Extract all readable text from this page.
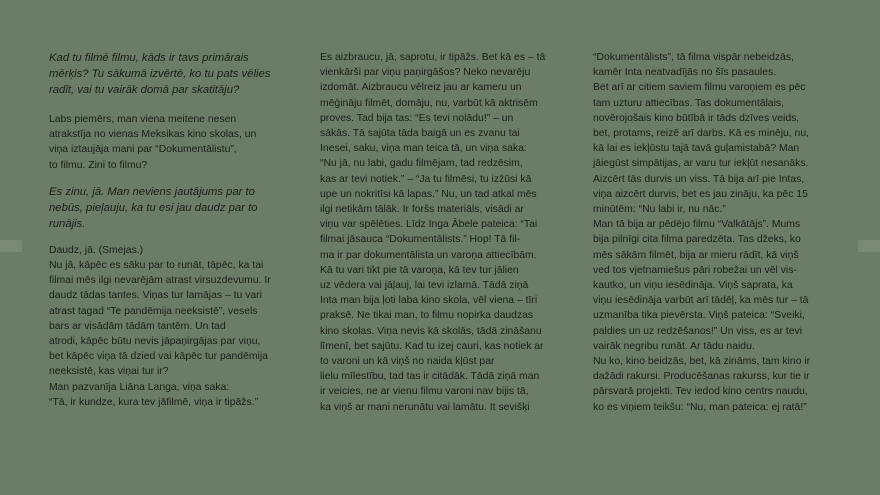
Kad tu filmē filmu, kāds ir tavs primārais
mērķis? Tu sākumā izvērtē, ko tu pats vēlies
radīt, vai tu vairāk domā par skatītāju?

Labs piemērs, man viena meitene nesen
atrakstīja no vienas Meksikas kino skolas, un
viņa iztaujāja mani par “Dokumentālistu”,
to filmu. Zini to filmu?

Es zinu, jā. Man neviens jautājums par to
nebūs, pieļauju, ka tu esi jau daudz par to
runājis.

Daudz, jā. (Smejas.)
Nu jā, kāpēc es sāku par to runāt, tāpēc, ka tai
filmai mēs ilgi nevarējām atrast virsuzdevumu. Ir
daudz tādas tantes. Viņas tur lamājas – tu vari
atrast tagad “Te pandēmija neeksistē”, vesels
bars ar visādām tādām tantēm. Un tad
atrodi, kāpēc būtu nevis jāpaņirgājas par viņu,
bet kāpēc viņa tā dzied vai kāpēc tur pandēmija
neeksistē, kas viņai tur ir?
Man pazvanīja Liāna Langa, viņa saka:
“Tā, ir kundze, kura tev jāfilmē, viņa ir tipāžs.”

Es aizbraucu, jā, saprotu, ir tipāžs. Bet kā es – tā
vienkārši par viņu paņirgāšos? Neko nevarēju
izdomāt. Aizbraucu vēlreiz jau ar kameru un
mēģināju filmēt, domāju, nu, varbūt kā aktrisēm
proves. Tad bija tas: “Es tevi nolādu!” – un
sākās. Tā sajūta tāda baigā un es zvanu tai
Inesei, saku, viņa man teica tā, un viņa saka:
“Nu jā, nu labi, gadu filmējam, tad redzēsim,
kas ar tevi notiek.” – “Ja tu filmēsi, tu izžūsi kā
upe un nokritīsi kā lapas.” Nu, un tad atkal mēs
ilgi netikām tālāk. Ir foršs materiāls, visādi ar
viņu var spēlēties. Līdz Inga Ābele pateica: “Tai
filmai jāsauca “Dokumentālists.” Hop! Tā fil-
ma ir par dokumentālista un varoņa attiecībām.
Kā tu vari tikt pie tā varoņa, kā tev tur jālien
uz vēdera vai jāļauj, lai tevi izlamā. Tādā ziņā
Inta man bija ļoti laba kino skola, vēl viena – tīri
praksē. Ne tikai man, to filmu nopirka daudzas
kino skolas. Viņa nevis kā skolās, tādā zināšanu
līmenī, bet sajūtu. Kad tu izej cauri, kas notiek ar
to varoni un kā viņš no naida kļūst par
lielu mīlestību, tad tas ir citādāk. Tādā ziņā man
ir veicies, ne ar vienu filmu varoni nav bijis tā,
ka viņš ar mani nerunātu vai lamātu. It sevišķi

“Dokumentālists”, tā filma vispār nebeidzās,
kamēr Inta neatvadījās no šīs pasaules.
Bet arī ar citiem saviem filmu varoņiem es pēc
tam uzturu attiecības. Tas dokumentālais,
novērojošais kino būtībā ir tāds dzīves veids,
bet, protams, reizē arī darbs. Kā es minēju, nu,
kā lai es iekļūstu tajā tavā guļamistabā? Man
jāiegūst simpātijas, ar varu tur iekļūt nesanāks.
Aizcērt tās durvis un viss. Tā bija arī pie Intas,
viņa aizcērt durvis, bet es jau zināju, ka pēc 15
minūtēm: “Nu labi ir, nu nāc.”
Man tā bija ar pēdējo filmu “Valkātājs”. Mums
bija pilnīgi cita filma paredzēta. Tas džeks, ko
mēs sākām filmēt, bija ar mieru rādīt, kā viņš
ved tos vjetnamiešus pāri robežai un vēl vis-
kautko, un viņu iesēdināja. Viņš saprata, ka
viņu iesēdināja varbūt arī tādēļ, ka mēs tur – tā
uzmanība tika pievērsta. Viņš pateica: “Sveiki,
paldies un uz redzēšanos!” Un viss, es ar tevi
vairāk negribu runāt. Ar tādu naidu.
Nu ko, kino beidzās, bet, kā zināms, tam kino ir
dažādi rakursi. Producēšanas rakurss, kur tie ir
pārsvarā projekti. Tev iedod kino centrs naudu,
ko es viņiem teikšu: “Nu, man pateica: ej ratā!”
